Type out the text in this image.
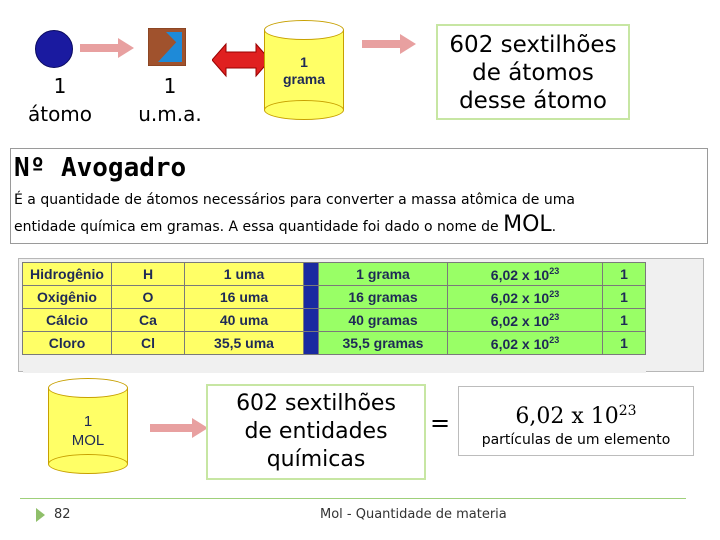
1
átomo
1
u.m.a.
1
grama
602 sextilhões
de átomos
desse átomo
Nº Avogadro
É a quantidade de átomos necessários para converter a massa atômica de uma
entidade química em gramas. A essa quantidade foi dado o nome de MOL.
Hidrogênio	H	1 uma		1 grama	6,02 x $10^{23}$	1
Oxigênio	O	16 uma		16 gramas	6,02 x $10^{23}$	1
Cálcio	Ca	40 uma		40 gramas	6,02 x $10^{23}$	1
Cloro	Cl	35,5 uma		35,5 gramas	6,02 x $10^{23}$	1

1
MOL
602 sextilhões
de entidades
químicas
=	6,02 x $10^{23}$
partículas de um elemento
82	Mol - Quantidade de materia
